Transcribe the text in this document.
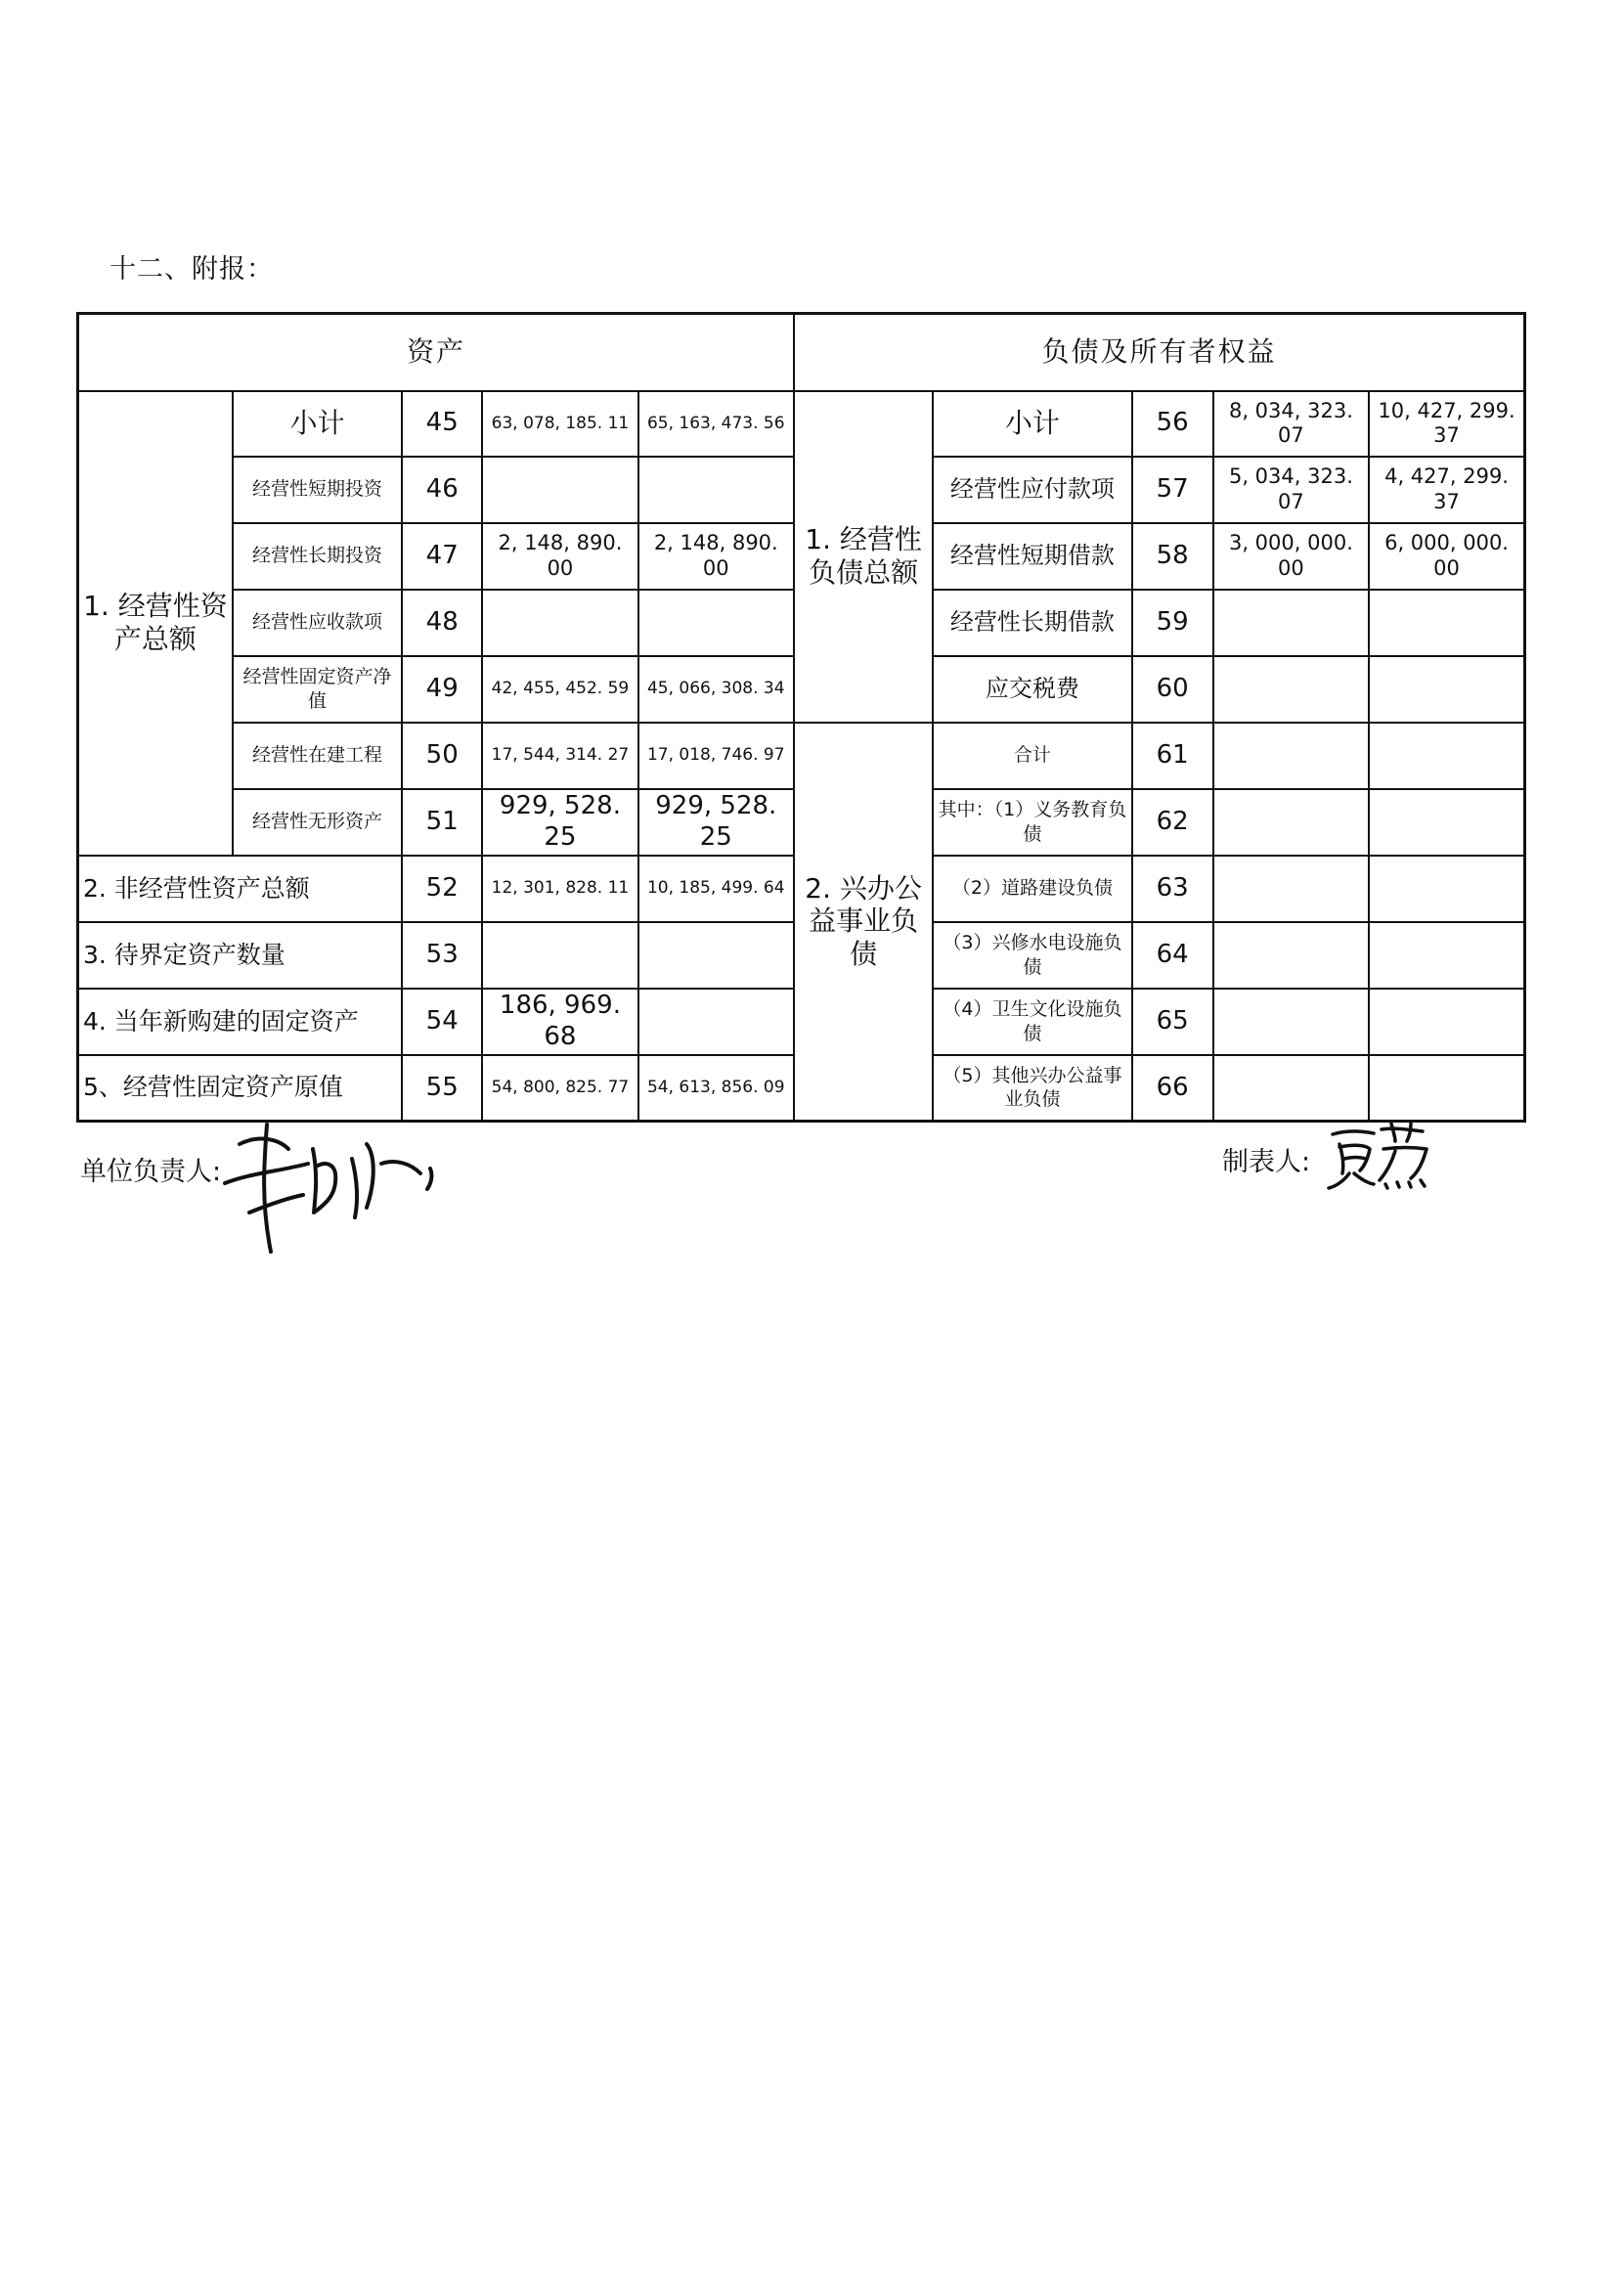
十二、附报：
资产					负债及所有者权益				
1. 经营性资产总额	小计	45	63, 078, 185. 11	65, 163, 473. 56	1. 经营性负债总额	小计	56	8, 034, 323. 07	10, 427, 299. 37
	经营性短期投资	46				经营性应付款项	57	5, 034, 323. 07	4, 427, 299. 37
	经营性长期投资	47	2, 148, 890. 00	2, 148, 890. 00		经营性短期借款	58	3, 000, 000. 00	6, 000, 000. 00
	经营性应收款项	48				经营性长期借款	59		
	经营性固定资产净值	49	42, 455, 452. 59	45, 066, 308. 34		应交税费	60		
	经营性在建工程	50	17, 544, 314. 27	17, 018, 746. 97	2. 兴办公益事业负债	合计	61		
	经营性无形资产	51	929, 528. 25	929, 528. 25		其中：（1）义务教育负债	62		
2. 非经营性资产总额		52	12, 301, 828. 11	10, 185, 499. 64		（2）道路建设负债	63		
3. 待界定资产数量		53				（3）兴修水电设施负债	64		
4. 当年新购建的固定资产		54	186, 969. 68			（4）卫生文化设施负债	65		
5、经营性固定资产原值		55	54, 800, 825. 77	54, 613, 856. 09		（5）其他兴办公益事业负债	66		
单位负责人:	制表人:
